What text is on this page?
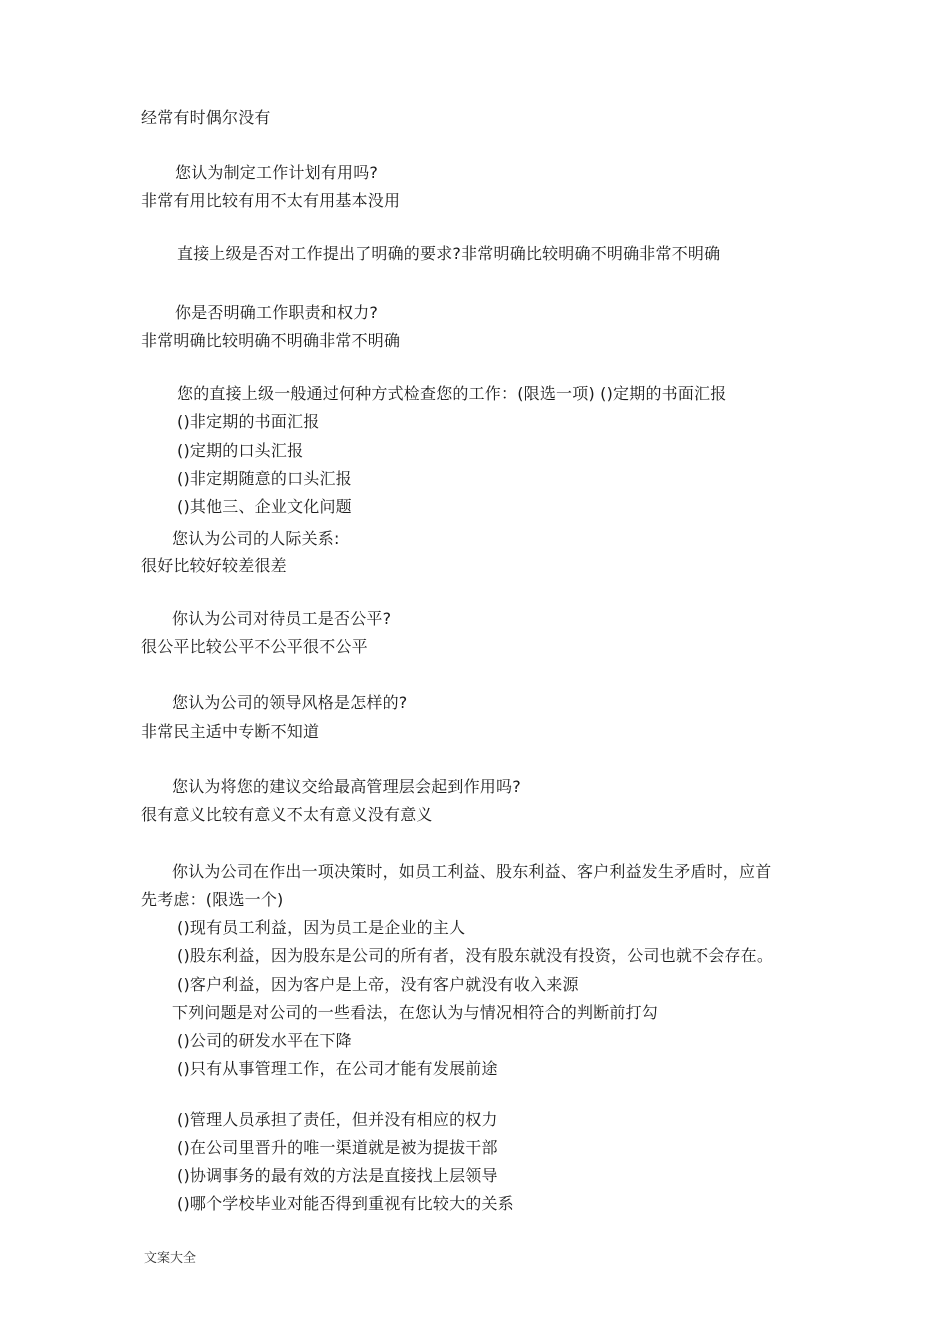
经常有时偶尔没有
您认为制定工作计划有用吗?
非常有用比较有用不太有用基本没用
直接上级是否对工作提出了明确的要求?非常明确比较明确不明确非常不明确
你是否明确工作职责和权力?
非常明确比较明确不明确非常不明确
您的直接上级一般通过何种方式检查您的工作：(限选一项) ()定期的书面汇报
()非定期的书面汇报
()定期的口头汇报
()非定期随意的口头汇报
()其他三、企业文化问题
您认为公司的人际关系:
很好比较好较差很差
你认为公司对待员工是否公平?
很公平比较公平不公平很不公平
您认为公司的领导风格是怎样的?
非常民主适中专断不知道
您认为将您的建议交给最高管理层会起到作用吗?
很有意义比较有意义不太有意义没有意义
你认为公司在作出一项决策时，如员工利益、股东利益、客户利益发生矛盾时，应首
先考虑：(限选一个)
()现有员工利益，因为员工是企业的主人
()股东利益，因为股东是公司的所有者，没有股东就没有投资，公司也就不会存在。
()客户利益，因为客户是上帝，没有客户就没有收入来源
下列问题是对公司的一些看法，在您认为与情况相符合的判断前打勾
()公司的研发水平在下降
()只有从事管理工作，在公司才能有发展前途
()管理人员承担了责任，但并没有相应的权力
()在公司里晋升的唯一渠道就是被为提拔干部
()协调事务的最有效的方法是直接找上层领导
()哪个学校毕业对能否得到重视有比较大的关系
文案大全
